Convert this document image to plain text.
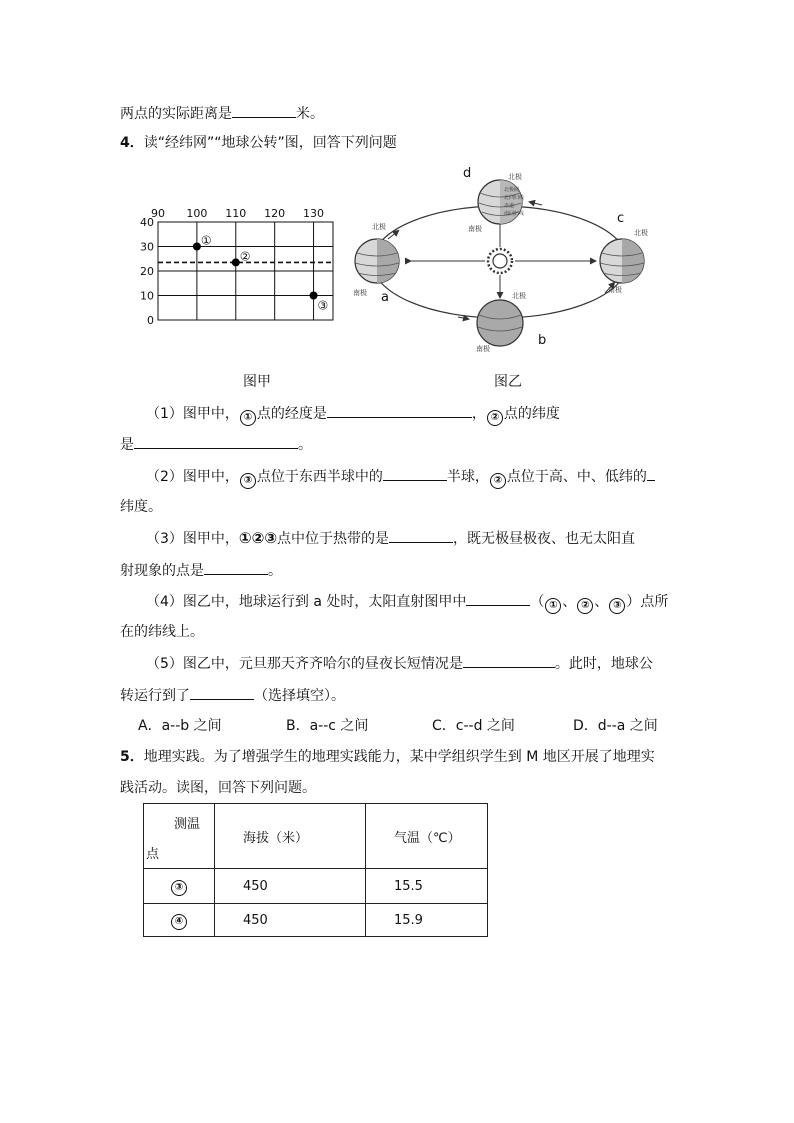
两点的实际距离是	米。
4．读“经纬网”“地球公转”图，回答下列问题
90 100 110 120 130
40
30
20
10
0
①
②
③
北极圈
北回归线
赤道
南回归线
北极
南极
北极
南极	北极
南极
北极
南极
d
c
a
b
图甲	图乙
（1）图甲中， ① 点的经度是	， ② 点的纬度
是	。
（2）图甲中， ③ 点位于东西半球中的	半球， ② 点位于高、中、低纬的
纬度。
（3）图甲中，①②③点中位于热带的是	，既无极昼极夜、也无太阳直
射现象的点是	。
（4）图乙中，地球运行到 a 处时，太阳直射图甲中	（ ① 、 ② 、 ③ ）点所
在的纬线上。
（5）图乙中，元旦那天齐齐哈尔的昼夜长短情况是	。此时，地球公
转运行到了	（选择填空）。
A．a--b 之间	B．a--c 之间	C．c--d 之间	D．d--a 之间
5．地理实践。为了增强学生的地理实践能力，某中学组织学生到 M 地区开展了地理实
践活动。读图，回答下列问题。
测温
点	海拔（米）	气温（℃）
③	450	15.5
④	450	15.9
